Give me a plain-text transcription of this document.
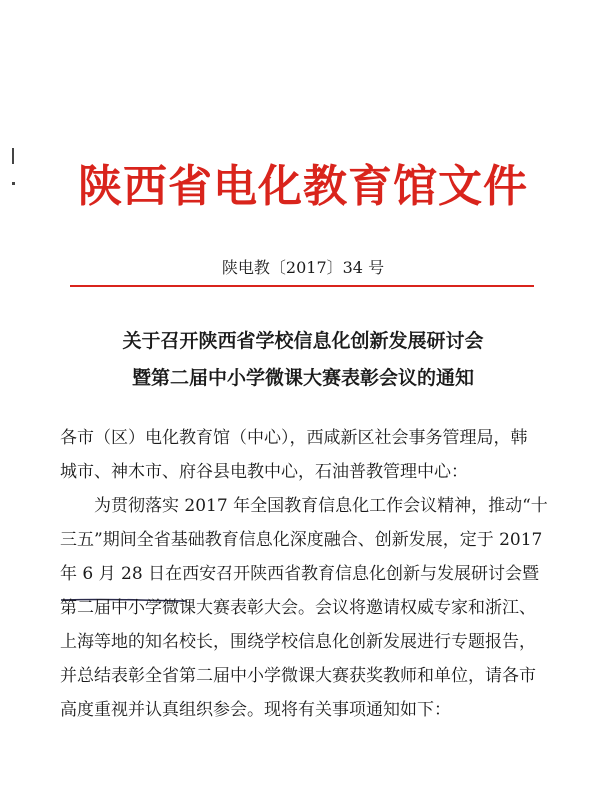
陕西省电化教育馆文件
陕电教〔2017〕34 号
关于召开陕西省学校信息化创新发展研讨会
暨第二届中小学微课大赛表彰会议的通知
各市（区）电化教育馆（中心），西咸新区社会事务管理局，韩
城市、神木市、府谷县电教中心，石油普教管理中心：
为贯彻落实 2017 年全国教育信息化工作会议精神，推动“十
三五”期间全省基础教育信息化深度融合、创新发展，定于 2017
年 6 月 28 日在西安召开陕西省教育信息化创新与发展研讨会暨
第二届中小学微课大赛表彰大会。会议将邀请权威专家和浙江、
上海等地的知名校长，围绕学校信息化创新发展进行专题报告，
并总结表彰全省第二届中小学微课大赛获奖教师和单位，请各市
高度重视并认真组织参会。现将有关事项通知如下：
